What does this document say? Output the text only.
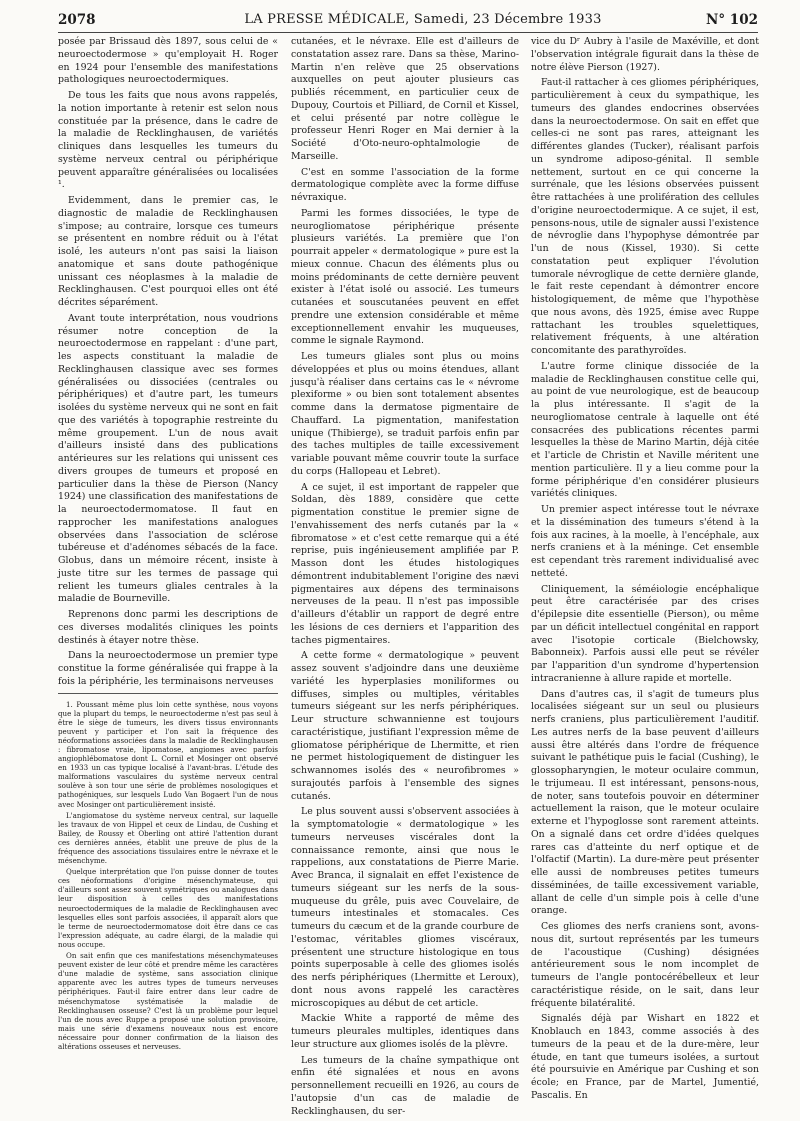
2078	LA PRESSE MÉDICALE, Samedi, 23 Décembre 1933	N° 102

posée par Brissaud dès 1897, sous celui de « neuroectodermose » qu'employait H. Roger en 1924 pour l'ensemble des manifestations pathologiques neuroectodermiques.

De tous les faits que nous avons rappelés, la notion importante à retenir est selon nous constituée par la présence, dans le cadre de la maladie de Recklinghausen, de variétés cliniques dans lesquelles les tumeurs du système nerveux central ou périphérique peuvent apparaître généralisées ou localisées ¹.

Evidemment, dans le premier cas, le diagnostic de maladie de Recklinghausen s'impose; au contraire, lorsque ces tumeurs se présentent en nombre réduit ou à l'état isolé, les auteurs n'ont pas saisi la liaison anatomique et sans doute pathogénique unissant ces néoplasmes à la maladie de Recklinghausen. C'est pourquoi elles ont été décrites séparément.

Avant toute interprétation, nous voudrions résumer notre conception de la neuroectodermose en rappelant : d'une part, les aspects constituant la maladie de Recklinghausen classique avec ses formes généralisées ou dissociées (centrales ou périphériques) et d'autre part, les tumeurs isolées du système nerveux qui ne sont en fait que des variétés à topographie restreinte du même groupement. L'un de nous avait d'ailleurs insisté dans des publications antérieures sur les relations qui unissent ces divers groupes de tumeurs et proposé en particulier dans la thèse de Pierson (Nancy 1924) une classification des manifestations de la neuroectodermomatose. Il faut en rapprocher les manifestations analogues observées dans l'association de sclérose tubéreuse et d'adénomes sébacés de la face. Globus, dans un mémoire récent, insiste à juste titre sur les termes de passage qui relient les tumeurs gliales centrales à la maladie de Bourneville.

Reprenons donc parmi les descriptions de ces diverses modalités cliniques les points destinés à étayer notre thèse.

Dans la neuroectodermose un premier type constitue la forme généralisée qui frappe à la fois la périphérie, les terminaisons nerveuses

1. Poussant même plus loin cette synthèse, nous voyons que la plupart du temps, le neuroectoderme n'est pas seul à être le siège de tumeurs, les divers tissus environnants peuvent y participer et l'on sait la fréquence des néoformations associées dans la maladie de Recklinghausen : fibromatose vraie, lipomatose, angiomes avec parfois angiophlébomatose dont L. Cornil et Mosinger ont observé en 1933 un cas typique localisé à l'avant-bras. L'étude des malformations vasculaires du système nerveux central soulève à son tour une série de problèmes nosologiques et pathogéniques, sur lesquels Ludo Van Bogaert l'un de nous avec Mosinger ont particulièrement insisté.

L'angiomatose du système nerveux central, sur laquelle les travaux de von Hippel et ceux de Lindau, de Cushing et Bailey, de Roussy et Oberling ont attiré l'attention durant ces dernières années, établit une preuve de plus de la fréquence des associations tissulaires entre le névraxe et le mésenchyme.

Quelque interprétation que l'on puisse donner de toutes ces néoformations d'origine mésenchymateuse, qui d'ailleurs sont assez souvent symétriques ou analogues dans leur disposition à celles des manifestations neuroectodermiques de la maladie de Recklinghausen avec lesquelles elles sont parfois associées, il apparaît alors que le terme de neuroectodermomatose doit être dans ce cas l'expression adéquate, au cadre élargi, de la maladie qui nous occupe.

On sait enfin que ces manifestations mésenchymateuses peuvent exister de leur côté et prendre même les caractères d'une maladie de système, sans association clinique apparente avec les autres types de tumeurs nerveuses périphériques. Faut-il faire entrer dans leur cadre de mésenchymatose systématisée la maladie de Recklinghausen osseuse? C'est là un problème pour lequel l'un de nous avec Ruppe a proposé une solution provisoire, mais une série d'examens nouveaux nous est encore nécessaire pour donner confirmation de la liaison des altérations osseuses et nerveuses.

cutanées, et le névraxe. Elle est d'ailleurs de constatation assez rare. Dans sa thèse, Marino-Martin n'en relève que 25 observations auxquelles on peut ajouter plusieurs cas publiés récemment, en particulier ceux de Dupouy, Courtois et Pilliard, de Cornil et Kissel, et celui présenté par notre collègue le professeur Henri Roger en Mai dernier à la Société d'Oto-neuro-ophtalmologie de Marseille.

C'est en somme l'association de la forme dermatologique complète avec la forme diffuse névraxique.

Parmi les formes dissociées, le type de neurogliomatose périphérique présente plusieurs variétés. La première que l'on pourrait appeler « dermatologique » pure est la mieux connue. Chacun des éléments plus ou moins prédominants de cette dernière peuvent exister à l'état isolé ou associé. Les tumeurs cutanées et souscutanées peuvent en effet prendre une extension considérable et même exceptionnellement envahir les muqueuses, comme le signale Raymond.

Les tumeurs gliales sont plus ou moins développées et plus ou moins étendues, allant jusqu'à réaliser dans certains cas le « névrome plexiforme » ou bien sont totalement absentes comme dans la dermatose pigmentaire de Chauffard. La pigmentation, manifestation unique (Thibierge), se traduit parfois enfin par des taches multiples de taille excessivement variable pouvant même couvrir toute la surface du corps (Hallopeau et Lebret).

A ce sujet, il est important de rappeler que Soldan, dès 1889, considère que cette pigmentation constitue le premier signe de l'envahissement des nerfs cutanés par la « fibromatose » et c'est cette remarque qui a été reprise, puis ingénieusement amplifiée par P. Masson dont les études histologiques démontrent indubitablement l'origine des nævi pigmentaires aux dépens des terminaisons nerveuses de la peau. Il n'est pas impossible d'ailleurs d'établir un rapport de degré entre les lésions de ces derniers et l'apparition des taches pigmentaires.

A cette forme « dermatologique » peuvent assez souvent s'adjoindre dans une deuxième variété les hyperplasies moniliformes ou diffuses, simples ou multiples, véritables tumeurs siégeant sur les nerfs périphériques. Leur structure schwannienne est toujours caractéristique, justifiant l'expression même de gliomatose périphérique de Lhermitte, et rien ne permet histologiquement de distinguer les schwannomes isolés des « neurofibromes » surajoutés parfois à l'ensemble des signes cutanés.

Le plus souvent aussi s'observent associées à la symptomatologie « dermatologique » les tumeurs nerveuses viscérales dont la connaissance remonte, ainsi que nous le rappelions, aux constatations de Pierre Marie. Avec Branca, il signalait en effet l'existence de tumeurs siégeant sur les nerfs de la sous-muqueuse du grêle, puis avec Couvelaire, de tumeurs intestinales et stomacales. Ces tumeurs du cæcum et de la grande courbure de l'estomac, véritables gliomes viscéraux, présentent une structure histologique en tous points superposable à celle des gliomes isolés des nerfs périphériques (Lhermitte et Leroux), dont nous avons rappelé les caractères microscopiques au début de cet article.

Mackie White a rapporté de même des tumeurs pleurales multiples, identiques dans leur structure aux gliomes isolés de la plèvre.

Les tumeurs de la chaîne sympathique ont enfin été signalées et nous en avons personnellement recueilli en 1926, au cours de l'autopsie d'un cas de maladie de Recklinghausen, du ser-

vice du Dʳ Aubry à l'asile de Maxéville, et dont l'observation intégrale figurait dans la thèse de notre élève Pierson (1927).

Faut-il rattacher à ces gliomes périphériques, particulièrement à ceux du sympathique, les tumeurs des glandes endocrines observées dans la neuroectodermose. On sait en effet que celles-ci ne sont pas rares, atteignant les différentes glandes (Tucker), réalisant parfois un syndrome adiposo-génital. Il semble nettement, surtout en ce qui concerne la surrénale, que les lésions observées puissent être rattachées à une prolifération des cellules d'origine neuroectodermique. A ce sujet, il est, pensons-nous, utile de signaler aussi l'existence de névroglie dans l'hypophyse démontrée par l'un de nous (Kissel, 1930). Si cette constatation peut expliquer l'évolution tumorale névroglique de cette dernière glande, le fait reste cependant à démontrer encore histologiquement, de même que l'hypothèse que nous avons, dès 1925, émise avec Ruppe rattachant les troubles squelettiques, relativement fréquents, à une altération concomitante des parathyroïdes.

L'autre forme clinique dissociée de la maladie de Recklinghausen constitue celle qui, au point de vue neurologique, est de beaucoup la plus intéressante. Il s'agit de la neurogliomatose centrale à laquelle ont été consacrées des publications récentes parmi lesquelles la thèse de Marino Martin, déjà citée et l'article de Christin et Naville méritent une mention particulière. Il y a lieu comme pour la forme périphérique d'en considérer plusieurs variétés cliniques.

Un premier aspect intéresse tout le névraxe et la dissémination des tumeurs s'étend à la fois aux racines, à la moelle, à l'encéphale, aux nerfs craniens et à la méninge. Cet ensemble est cependant très rarement individualisé avec netteté.

Cliniquement, la séméiologie encéphalique peut être caractérisée par des crises d'épilepsie dite essentielle (Pierson), ou même par un déficit intellectuel congénital en rapport avec l'isotopie corticale (Bielchowsky, Babonneix). Parfois aussi elle peut se révéler par l'apparition d'un syndrome d'hypertension intracranienne à allure rapide et mortelle.

Dans d'autres cas, il s'agit de tumeurs plus localisées siégeant sur un seul ou plusieurs nerfs craniens, plus particulièrement l'auditif. Les autres nerfs de la base peuvent d'ailleurs aussi être altérés dans l'ordre de fréquence suivant le pathétique puis le facial (Cushing), le glossopharyngien, le moteur oculaire commun, le trijumeau. Il est intéressant, pensons-nous, de noter, sans toutefois pouvoir en déterminer actuellement la raison, que le moteur oculaire externe et l'hypoglosse sont rarement atteints. On a signalé dans cet ordre d'idées quelques rares cas d'atteinte du nerf optique et de l'olfactif (Martin). La dure-mère peut présenter elle aussi de nombreuses petites tumeurs disséminées, de taille excessivement variable, allant de celle d'un simple pois à celle d'une orange.

Ces gliomes des nerfs craniens sont, avons-nous dit, surtout représentés par les tumeurs de l'acoustique (Cushing) désignées antérieurement sous le nom incomplet de tumeurs de l'angle pontocérébelleux et leur caractéristique réside, on le sait, dans leur fréquente bilatéralité.

Signalés déjà par Wishart en 1822 et Knoblauch en 1843, comme associés à des tumeurs de la peau et de la dure-mère, leur étude, en tant que tumeurs isolées, a surtout été poursuivie en Amérique par Cushing et son école; en France, par de Martel, Jumentié, Pascalis. En
